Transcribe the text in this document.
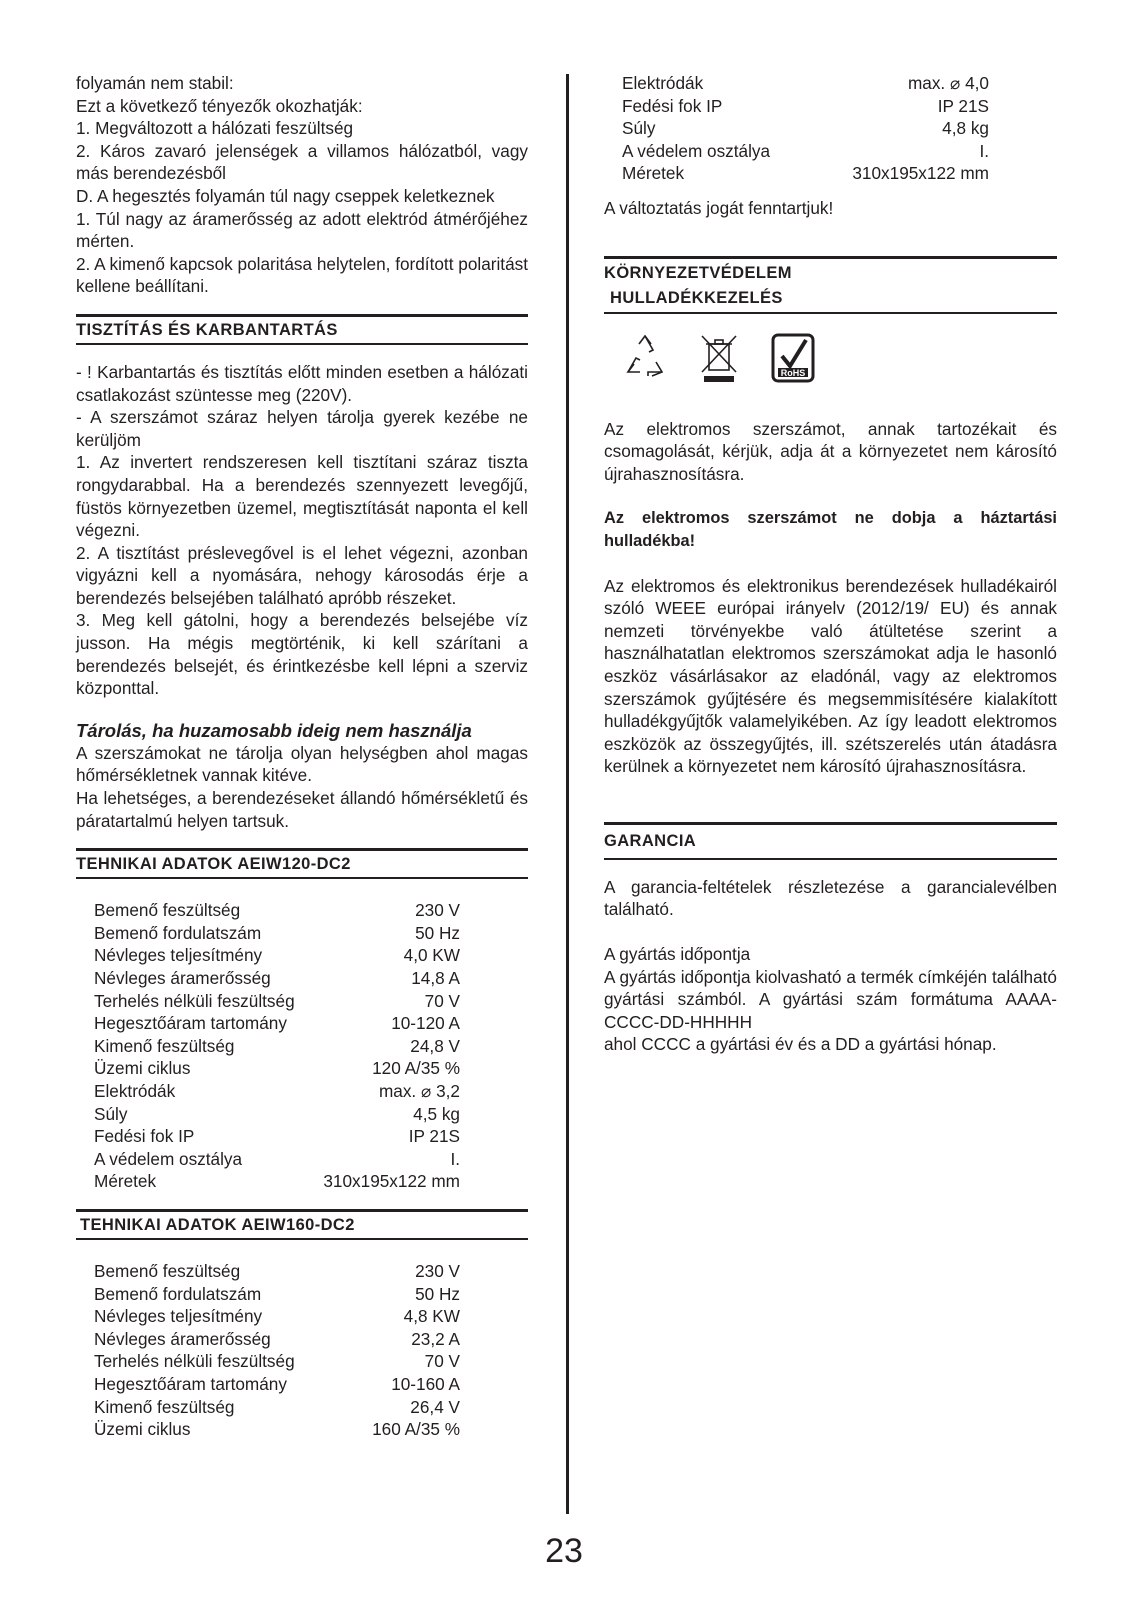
folyamán nem stabil:
Ezt a következő tényezők okozhatják:
1. Megváltozott a hálózati feszültség
2. Káros zavaró jelenségek a villamos hálózatból, vagy más berendezésből
D. A hegesztés folyamán túl nagy cseppek keletkeznek
1. Túl nagy az áramerősség az adott elektród átmérőjéhez mérten.
2. A kimenő kapcsok polaritása helytelen, fordított polaritást kellene beállítani.
TISZTÍTÁS ÉS KARBANTARTÁS
- ! Karbantartás és tisztítás előtt minden esetben a hálózati csatlakozást szüntesse meg (220V).
- A szerszámot száraz helyen tárolja gyerek kezébe ne kerüljöm
1. Az invertert rendszeresen kell tisztítani száraz tiszta rongydarabbal. Ha a berendezés szennyezett levegőjű, füstös környezetben üzemel, megtisztítását naponta el kell végezni.
2. A tisztítást préslevegővel is el lehet végezni, azonban vigyázni kell a nyomására, nehogy károsodás érje a berendezés belsejében található apróbb részeket.
3. Meg kell gátolni, hogy a berendezés belsejébe víz jusson. Ha mégis megtörténik, ki kell szárítani a berendezés belsejét, és érintkezésbe kell lépni a szerviz központtal.
Tárolás, ha huzamosabb ideig nem használja
A szerszámokat ne tárolja olyan helységben ahol magas hőmérsékletnek vannak kitéve.
Ha lehetséges, a berendezéseket állandó hőmérsékletű és páratartalmú helyen tartsuk.
TEHNIKAI ADATOK AEIW120-DC2
Bemenő feszültség	230 V
Bemenő fordulatszám	50 Hz
Névleges teljesítmény	4,0 KW
Névleges áramerősség	14,8 A
Terhelés nélküli feszültség	70 V
Hegesztőáram tartomány	10-120 A
Kimenő feszültség	24,8 V
Üzemi ciklus	120 A/35 %
Elektródák	max. ⌀ 3,2
Súly	4,5 kg
Fedési fok IP	IP 21S
A védelem osztálya	I.
Méretek	310x195x122 mm
TEHNIKAI ADATOK AEIW160-DC2
Bemenő feszültség	230 V
Bemenő fordulatszám	50 Hz
Névleges teljesítmény	4,8 KW
Névleges áramerősség	23,2 A
Terhelés nélküli feszültség	70 V
Hegesztőáram tartomány	10-160 A
Kimenő feszültség	26,4 V
Üzemi ciklus	160 A/35 %
Elektródák	max. ⌀ 4,0
Fedési fok IP	IP 21S
Súly	4,8 kg
A védelem osztálya	I.
Méretek	310x195x122 mm
A változtatás jogát fenntartjuk!
KÖRNYEZETVÉDELEM
HULLADÉKKEZELÉS
RoHS
Az elektromos szerszámot, annak tartozékait és csomagolását, kérjük, adja át a környezetet nem károsító újrahasznosításra.
Az elektromos szerszámot ne dobja a háztartási hulladékba!
Az elektromos és elektronikus berendezések hulladékairól szóló WEEE európai irányelv (2012/19/ EU) és annak nemzeti törvényekbe való átültetése szerint a használhatatlan elektromos szerszámokat adja le hasonló eszköz vásárlásakor az eladónál, vagy az elektromos szerszámok gyűjtésére és megsemmisítésére kialakított hulladékgyűjtők valamelyikében. Az így leadott elektromos eszközök az összegyűjtés, ill. szétszerelés után átadásra kerülnek a környezetet nem károsító újrahasznosításra.
GARANCIA
A garancia-feltételek részletezése a garancialevélben található.
A gyártás időpontja
A gyártás időpontja kiolvasható a termék címkéjén található gyártási számból. A gyártási szám formátuma AAAA-CCCC-DD-HHHHH
ahol CCCC a gyártási év és a DD a gyártási hónap.
23
